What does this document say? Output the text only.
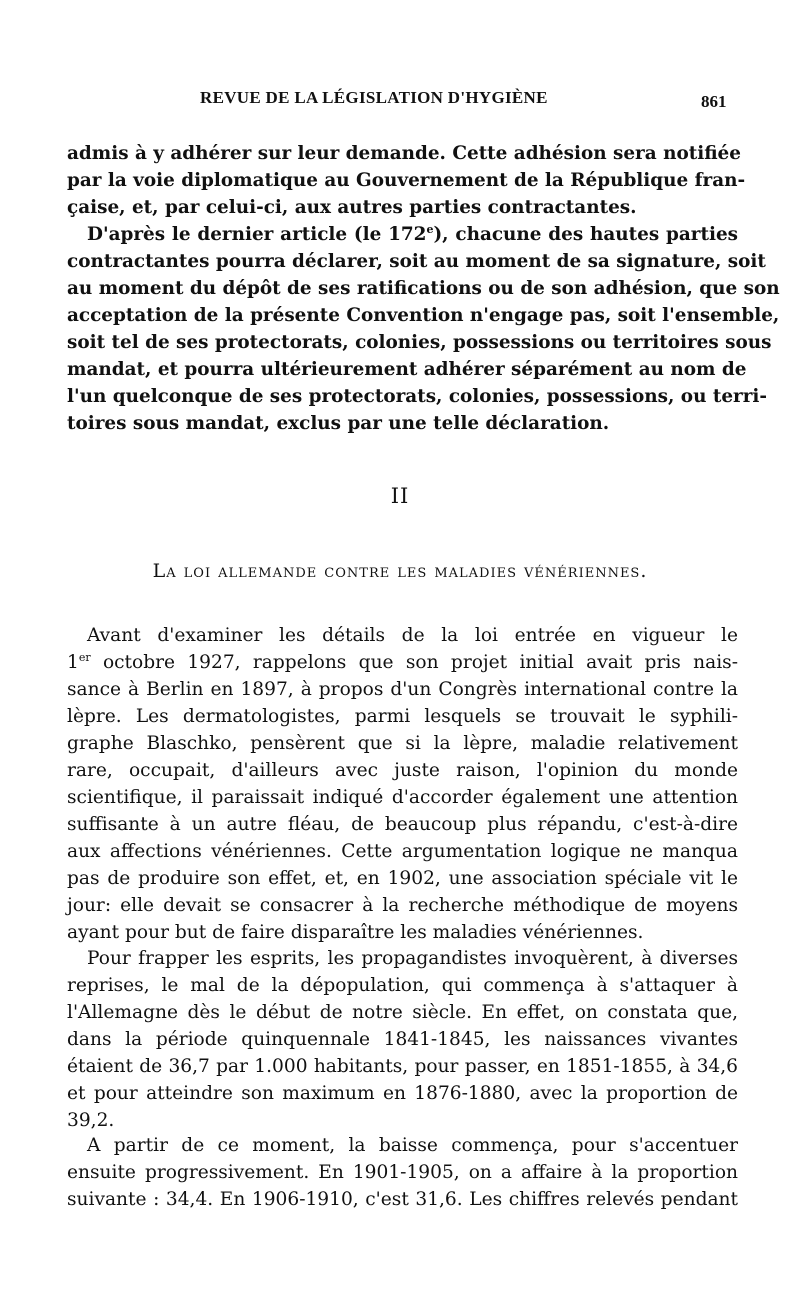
REVUE DE LA LÉGISLATION D'HYGIÈNE	861
admis à y adhérer sur leur demande. Cette adhésion sera notifiée
par la voie diplomatique au Gouvernement de la République fran-
çaise, et, par celui-ci, aux autres parties contractantes.
D'après le dernier article (le 172e), chacune des hautes parties
contractantes pourra déclarer, soit au moment de sa signature, soit
au moment du dépôt de ses ratifications ou de son adhésion, que son
acceptation de la présente Convention n'engage pas, soit l'ensemble,
soit tel de ses protectorats, colonies, possessions ou territoires sous
mandat, et pourra ultérieurement adhérer séparément au nom de
l'un quelconque de ses protectorats, colonies, possessions, ou terri-
toires sous mandat, exclus par une telle déclaration.
II
La loi allemande contre les maladies vénériennes.
Avant d'examiner les détails de la loi entrée en vigueur le
1er octobre 1927, rappelons que son projet initial avait pris nais-
sance à Berlin en 1897, à propos d'un Congrès international contre la
lèpre. Les dermatologistes, parmi lesquels se trouvait le syphili-
graphe Blaschko, pensèrent que si la lèpre, maladie relativement
rare, occupait, d'ailleurs avec juste raison, l'opinion du monde
scientifique, il paraissait indiqué d'accorder également une attention
suffisante à un autre fléau, de beaucoup plus répandu, c'est-à-dire
aux affections vénériennes. Cette argumentation logique ne manqua
pas de produire son effet, et, en 1902, une association spéciale vit le
jour: elle devait se consacrer à la recherche méthodique de moyens
ayant pour but de faire disparaître les maladies vénériennes.
Pour frapper les esprits, les propagandistes invoquèrent, à diverses
reprises, le mal de la dépopulation, qui commença à s'attaquer à
l'Allemagne dès le début de notre siècle. En effet, on constata que,
dans la période quinquennale 1841-1845, les naissances vivantes
étaient de 36,7 par 1.000 habitants, pour passer, en 1851-1855, à 34,6
et pour atteindre son maximum en 1876-1880, avec la proportion de
39,2.
A partir de ce moment, la baisse commença, pour s'accentuer
ensuite progressivement. En 1901-1905, on a affaire à la proportion
suivante : 34,4. En 1906-1910, c'est 31,6. Les chiffres relevés pendant
